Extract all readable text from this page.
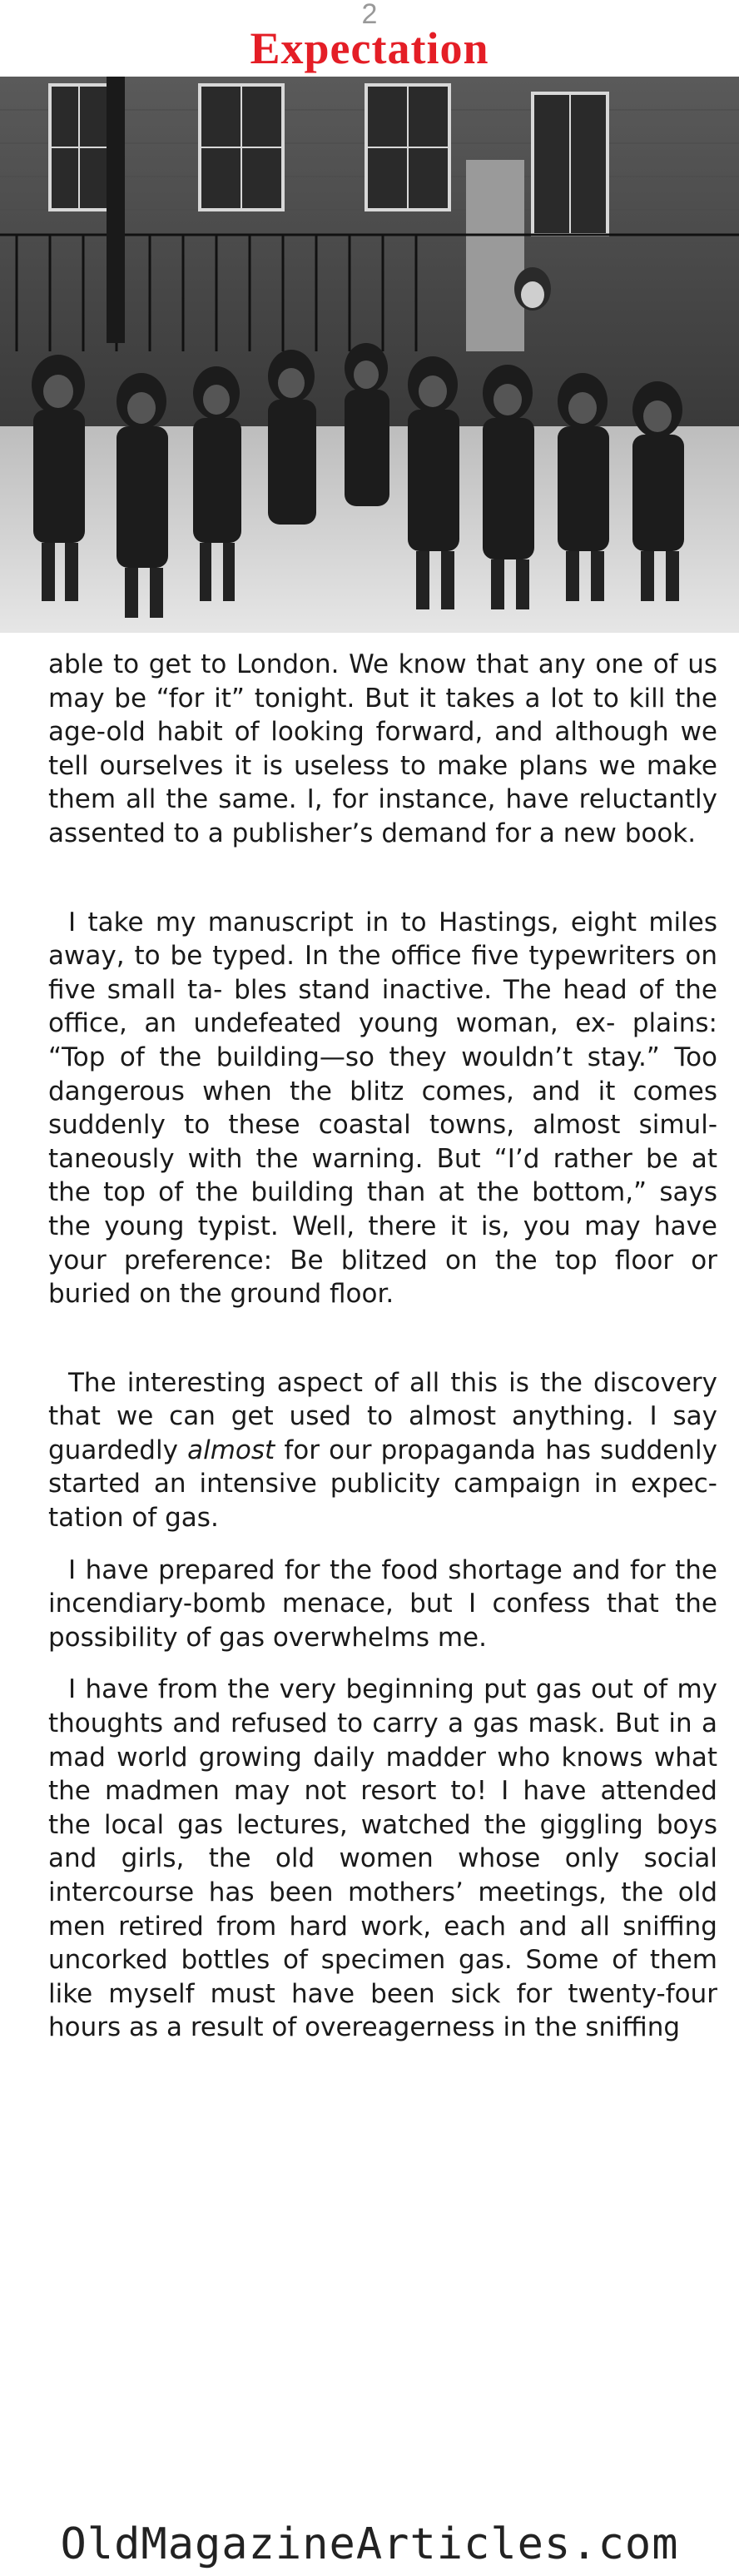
2
Expectation

able to get to London. We know that any one of us may be “for it” tonight. But it takes a lot to kill the age-old habit of looking forward, and although we tell ourselves it is useless to make plans we make them all the same. I, for instance, have reluctantly assented to a publisher’s demand for a new book.

I take my manuscript in to Hastings, eight miles away, to be typed. In the office five typewriters on five small ta- bles stand inactive. The head of the office, an undefeated young woman, ex- plains: “Top of the building—so they wouldn’t stay.” Too dangerous when the blitz comes, and it comes suddenly to these coastal towns, almost simul- taneously with the warning. But “I’d rather be at the top of the building than at the bottom,” says the young typist. Well, there it is, you may have your preference: Be blitzed on the top floor or buried on the ground floor.

The interesting aspect of all this is the discovery that we can get used to almost anything. I say guardedly almost for our propaganda has suddenly started an intensive publicity campaign in expec- tation of gas.

I have prepared for the food shortage and for the incendiary-bomb menace, but I confess that the possibility of gas overwhelms me.

I have from the very beginning put gas out of my thoughts and refused to carry a gas mask. But in a mad world growing daily madder who knows what the madmen may not resort to! I have attended the local gas lectures, watched the giggling boys and girls, the old women whose only social intercourse has been mothers’ meetings, the old men retired from hard work, each and all sniffing uncorked bottles of specimen gas. Some of them like myself must have been sick for twenty-four hours as a result of overeagerness in the sniffing

OldMagazineArticles.com
